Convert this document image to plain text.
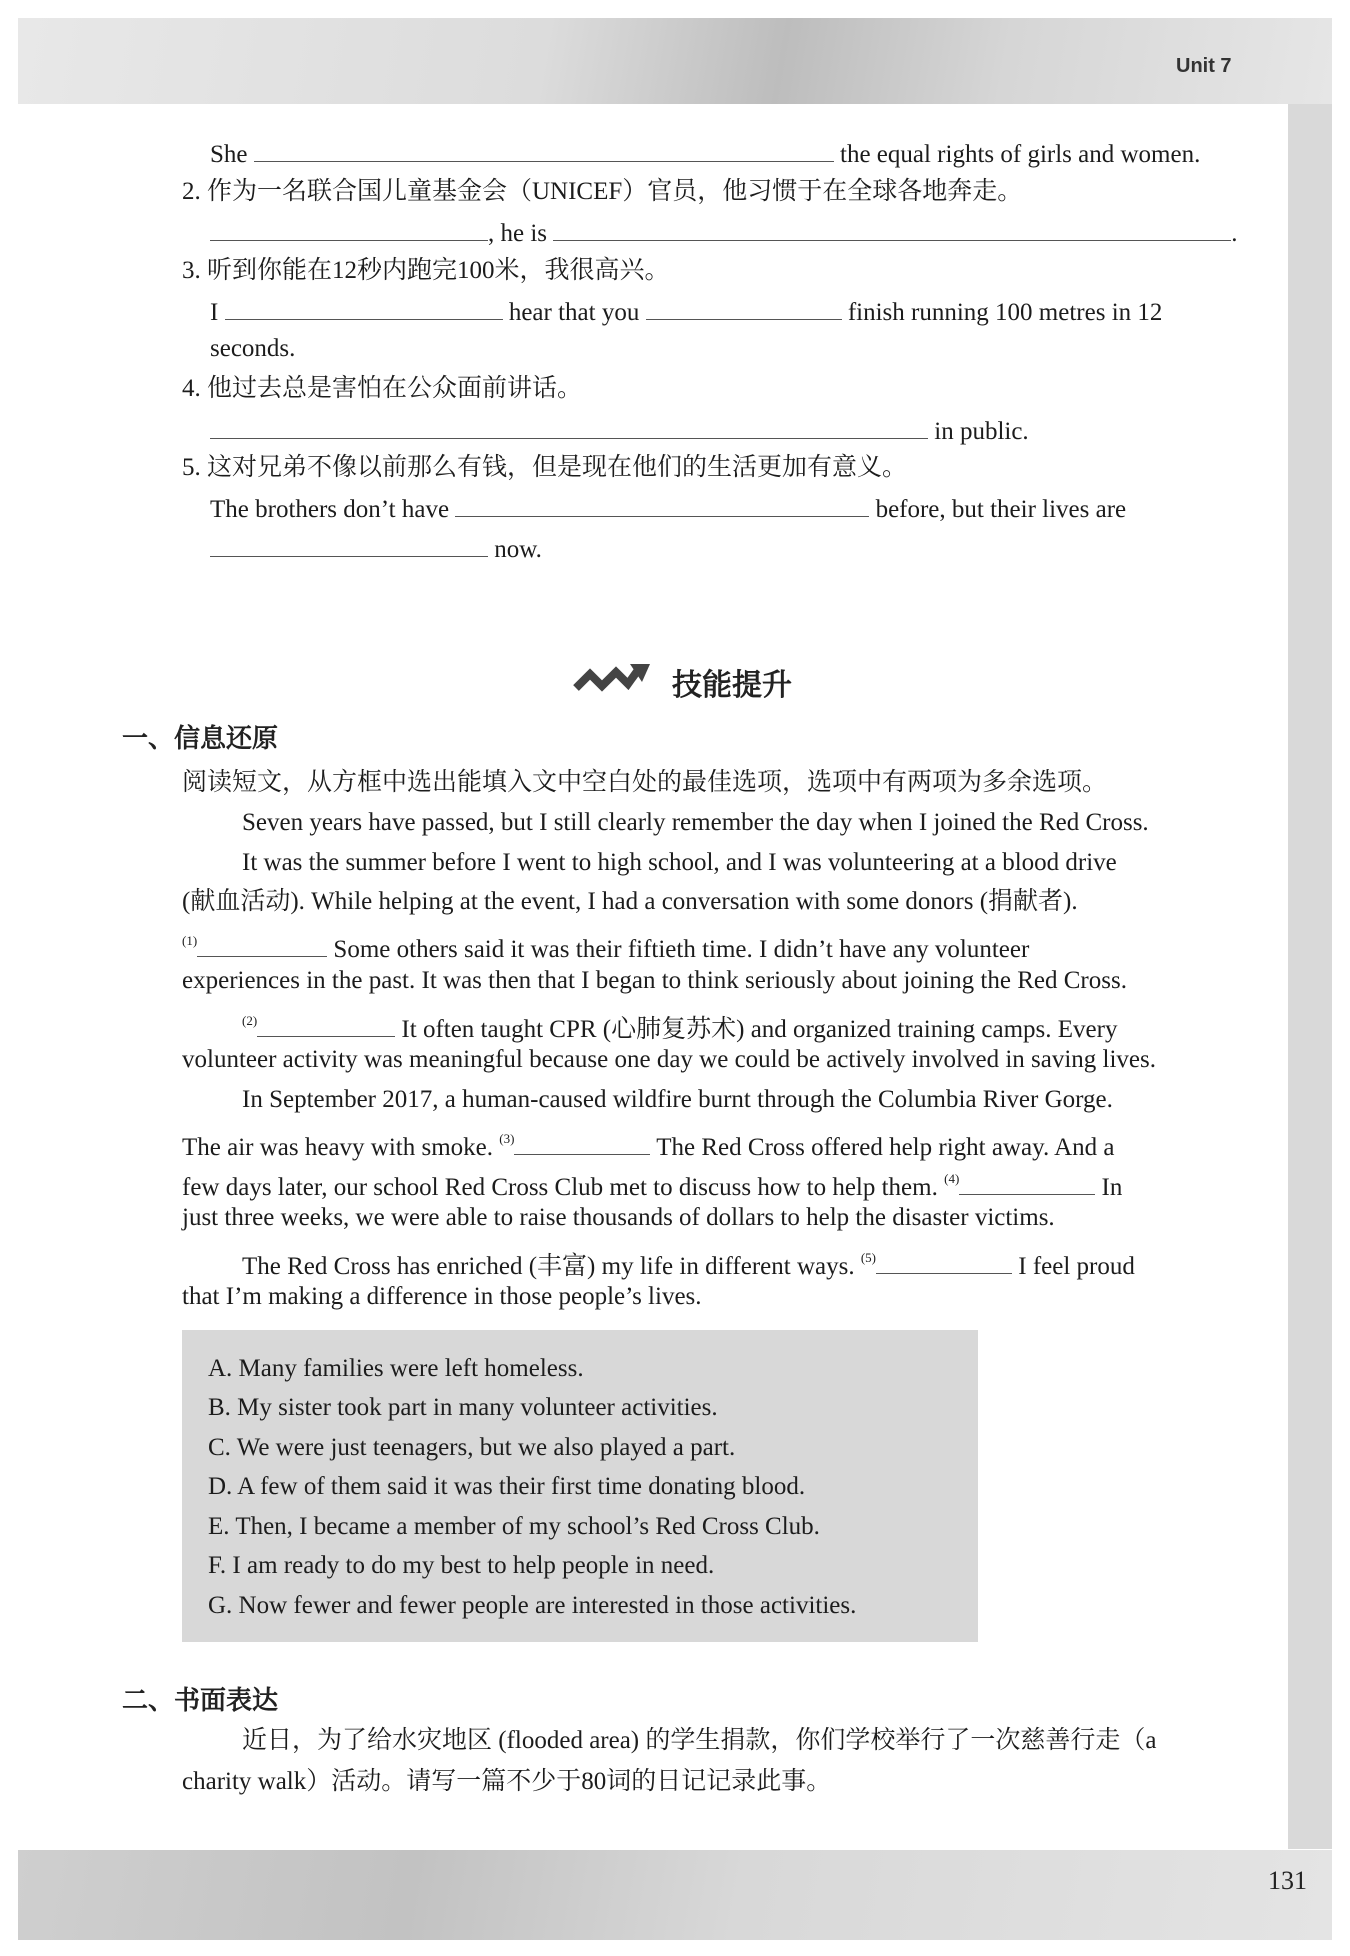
Unit 7
131
She	the equal rights of girls and women.
2. 作为一名联合国儿童基金会（UNICEF）官员，他习惯于在全球各地奔走。
, he is	.
3. 听到你能在12秒内跑完100米，我很高兴。
I	hear that you	finish running 100 metres in 12
seconds.
4. 他过去总是害怕在公众面前讲话。
in public.
5. 这对兄弟不像以前那么有钱，但是现在他们的生活更加有意义。
The brothers don’t have	before, but their lives are
now.
技能提升
一、信息还原
阅读短文，从方框中选出能填入文中空白处的最佳选项，选项中有两项为多余选项。
Seven years have passed, but I still clearly remember the day when I joined the Red Cross.
It was the summer before I went to high school, and I was volunteering at a blood drive
(献血活动). While helping at the event, I had a conversation with some donors (捐献者).
$^{(1)}$	Some others said it was their fiftieth time. I didn’t have any volunteer
experiences in the past. It was then that I began to think seriously about joining the Red Cross.
$^{(2)}$	It often taught CPR (心肺复苏术) and organized training camps. Every
volunteer activity was meaningful because one day we could be actively involved in saving lives.
In September 2017, a human-caused wildfire burnt through the Columbia River Gorge.
The air was heavy with smoke. $^{(3)}$	The Red Cross offered help right away. And a
few days later, our school Red Cross Club met to discuss how to help them. $^{(4)}$	In
just three weeks, we were able to raise thousands of dollars to help the disaster victims.
The Red Cross has enriched (丰富) my life in different ways. $^{(5)}$	I feel proud
that I’m making a difference in those people’s lives.
A. Many families were left homeless.
B. My sister took part in many volunteer activities.
C. We were just teenagers, but we also played a part.
D. A few of them said it was their first time donating blood.
E. Then, I became a member of my school’s Red Cross Club.
F. I am ready to do my best to help people in need.
G. Now fewer and fewer people are interested in those activities.
二、书面表达
近日，为了给水灾地区 (flooded area) 的学生捐款，你们学校举行了一次慈善行走（a
charity walk）活动。请写一篇不少于80词的日记记录此事。
